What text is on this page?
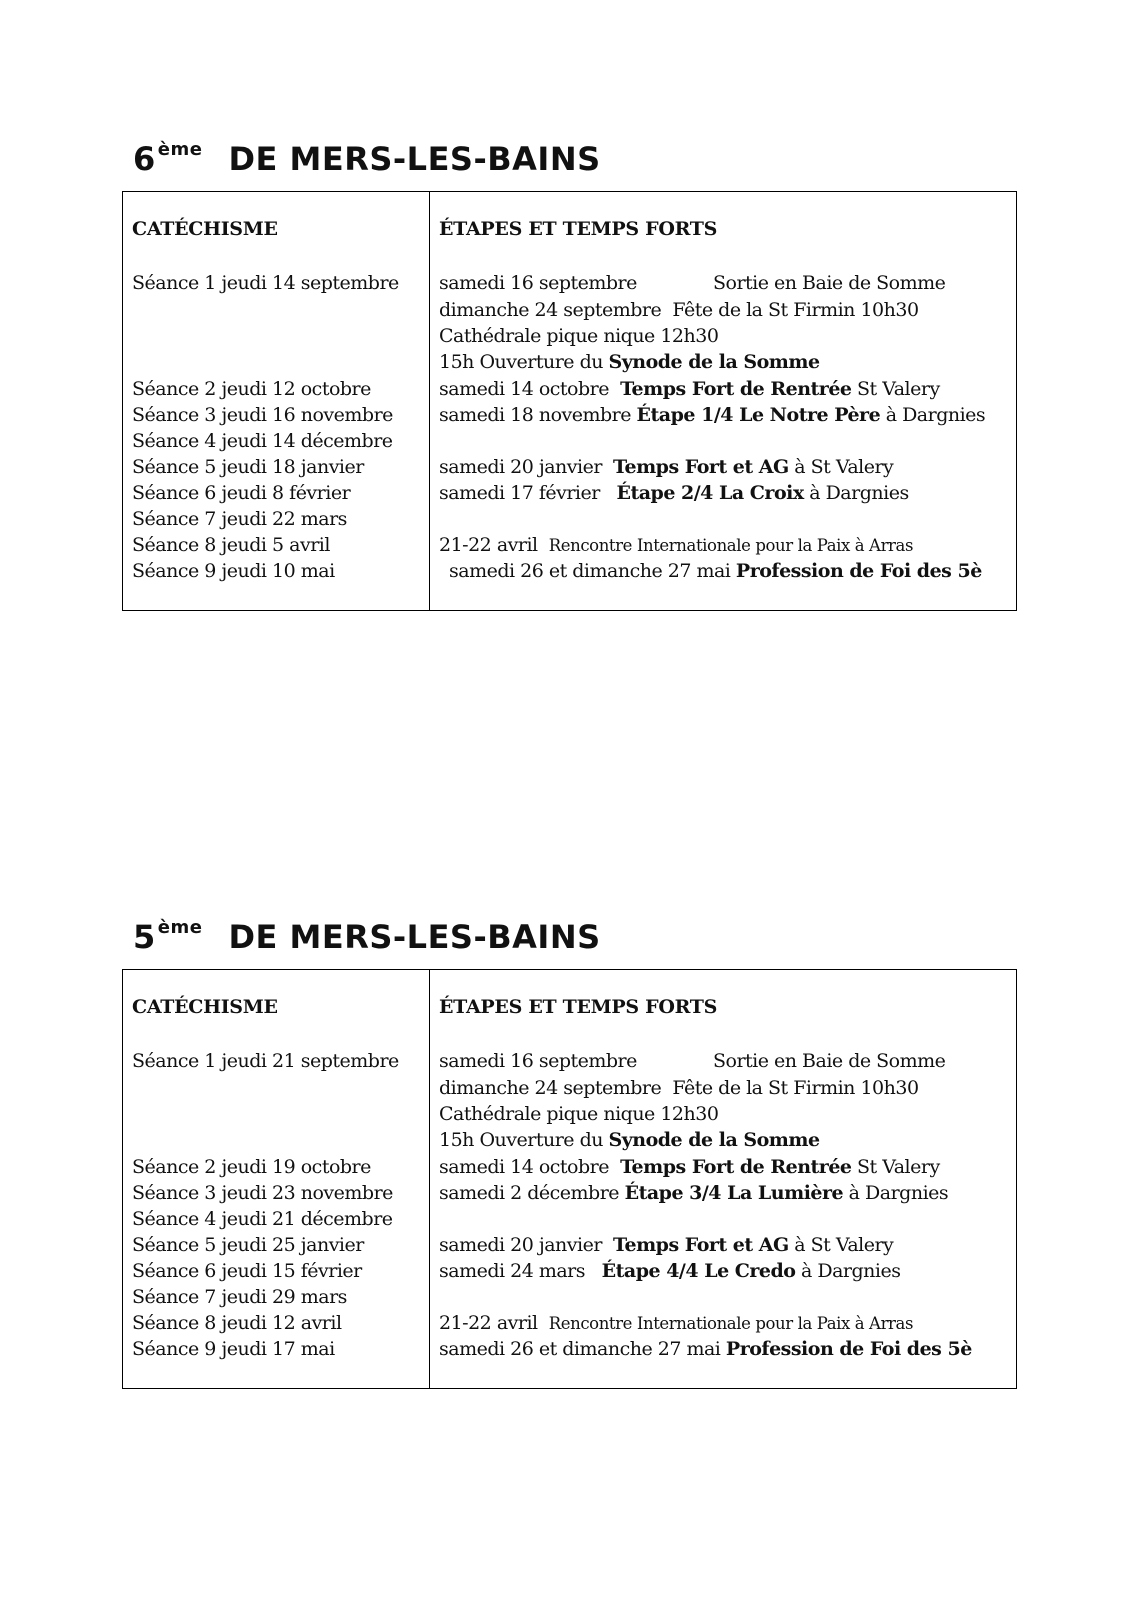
6 $^{ème}$ DE MERS-LES-BAINS
CATÉCHISME
Séance 1 jeudi 14 septembre
Séance 2 jeudi 12 octobre
Séance 3 jeudi 16 novembre
Séance 4 jeudi 14 décembre
Séance 5 jeudi 18 janvier
Séance 6 jeudi 8 février
Séance 7 jeudi 22 mars
Séance 8 jeudi 5 avril
Séance 9 jeudi 10 mai
ÉTAPES ET TEMPS FORTS
samedi 16 septembre	Sortie en Baie de Somme
dimanche 24 septembre Fête de la St Firmin 10h30
Cathédrale pique nique 12h30
15h Ouverture du Synode de la Somme
samedi 14 octobre  Temps Fort de Rentrée St Valery
samedi 18 novembre Étape 1/4 Le Notre Père à Dargnies
samedi 20 janvier  Temps Fort et AG à St Valery
samedi 17 février   Étape 2/4 La Croix à Dargnies
21-22 avril  Rencontre Internationale pour la Paix à Arras
samedi 26 et dimanche 27 mai Profession de Foi des 5è
5 $^{ème}$ DE MERS-LES-BAINS
CATÉCHISME
Séance 1 jeudi 21 septembre
Séance 2 jeudi 19 octobre
Séance 3 jeudi 23 novembre
Séance 4 jeudi 21 décembre
Séance 5 jeudi 25 janvier
Séance 6 jeudi 15 février
Séance 7 jeudi 29 mars
Séance 8 jeudi 12 avril
Séance 9 jeudi 17 mai
ÉTAPES ET TEMPS FORTS
samedi 16 septembre	Sortie en Baie de Somme
dimanche 24 septembre Fête de la St Firmin 10h30
Cathédrale pique nique 12h30
15h Ouverture du Synode de la Somme
samedi 14 octobre  Temps Fort de Rentrée St Valery
samedi 2 décembre Étape 3/4 La Lumière à Dargnies
samedi 20 janvier  Temps Fort et AG à St Valery
samedi 24 mars   Étape 4/4 Le Credo à Dargnies
21-22 avril  Rencontre Internationale pour la Paix à Arras
samedi 26 et dimanche 27 mai Profession de Foi des 5è
